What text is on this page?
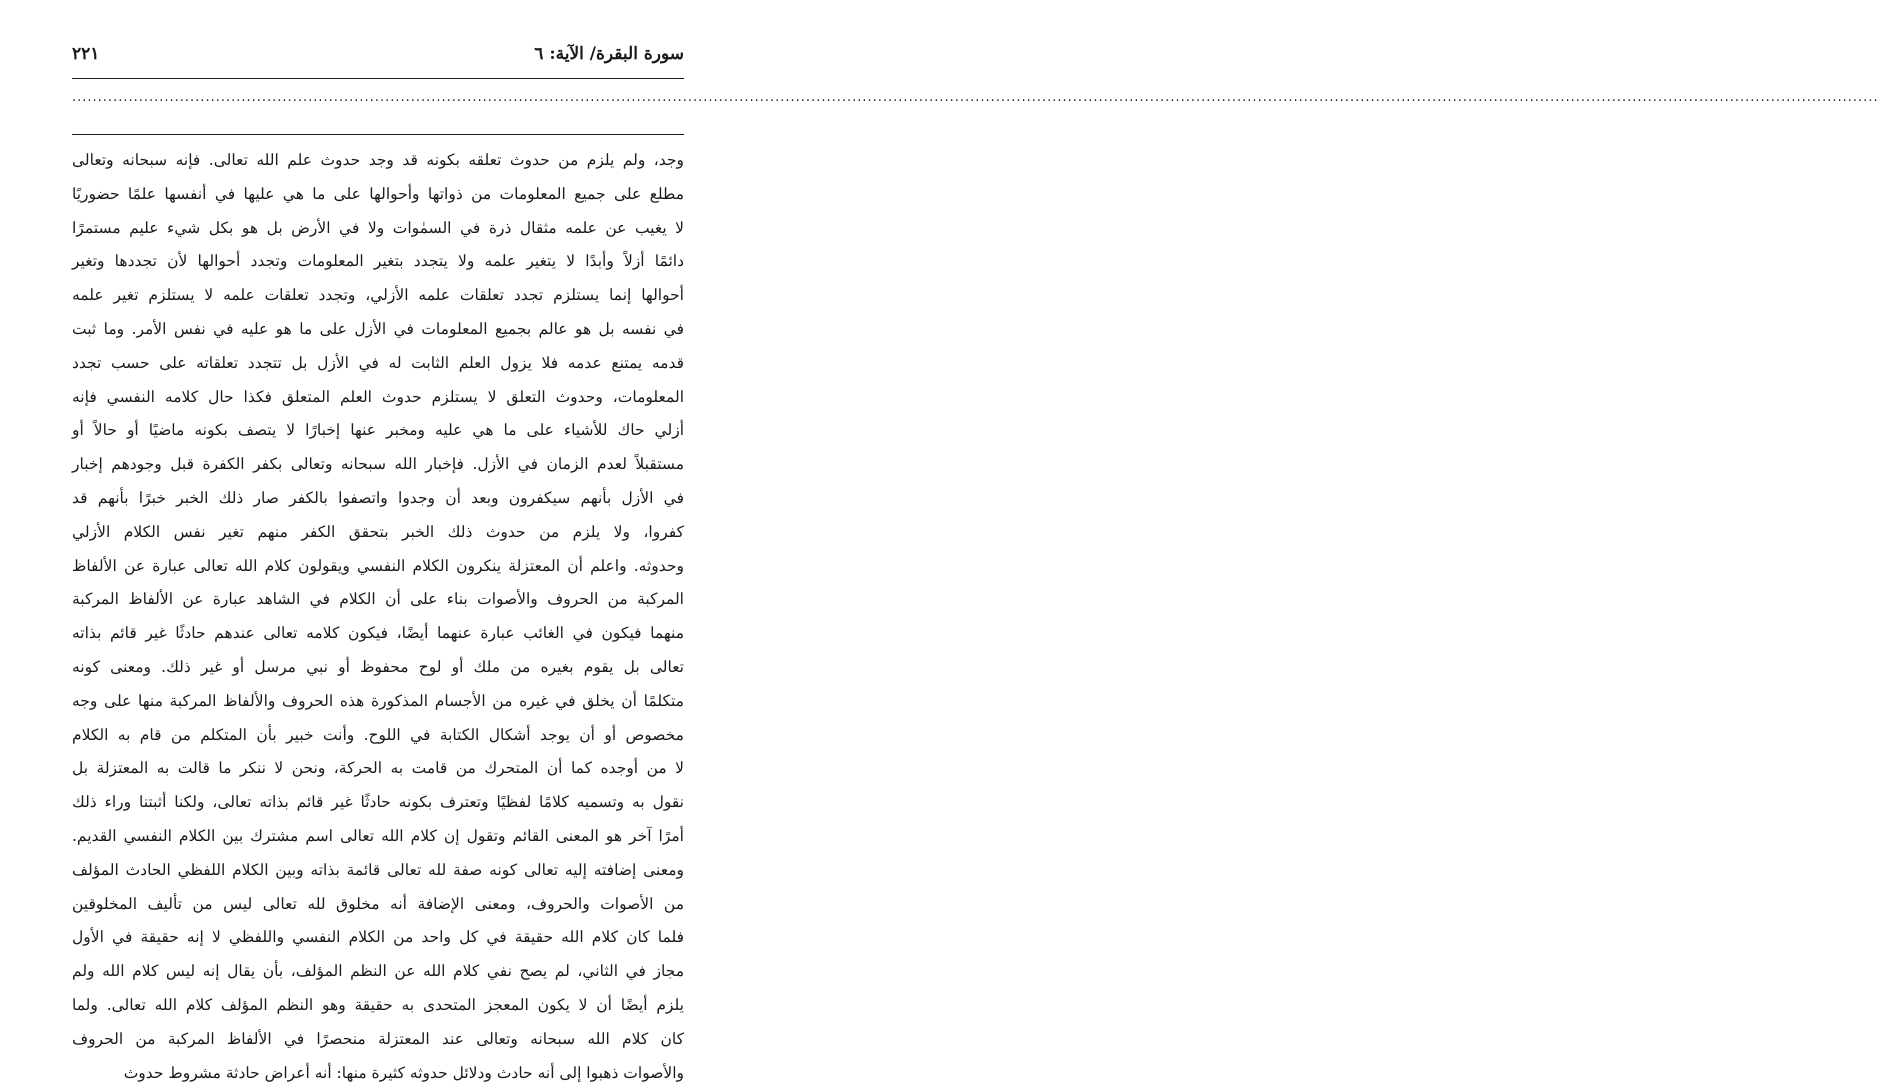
سورة البقرة/ الآية: ٦
٢٢١
................................................................................................................................................................................................................................................................................................................................................................
وجد، ولم يلزم من حدوث تعلقه بكونه قد وجد حدوث علم الله تعالى. فإنه سبحانه وتعالى
مطلع على جميع المعلومات من ذواتها وأحوالها على ما هي عليها في أنفسها علمًا حضوريًا
لا يغيب عن علمه مثقال ذرة في السمٰوات ولا في الأرض بل هو بكل شيء عليم مستمرًا
دائمًا أزلاً وأبدًا لا يتغير علمه ولا يتجدد بتغير المعلومات وتجدد أحوالها لأن تجددها وتغير
أحوالها إنما يستلزم تجدد تعلقات علمه الأزلي، وتجدد تعلقات علمه لا يستلزم تغير علمه
في نفسه بل هو عالم بجميع المعلومات في الأزل على ما هو عليه في نفس الأمر. وما ثبت
قدمه يمتنع عدمه فلا يزول العلم الثابت له في الأزل بل تتجدد تعلقاته على حسب تجدد
المعلومات، وحدوث التعلق لا يستلزم حدوث العلم المتعلق فكذا حال كلامه النفسي فإنه
أزلي حاك للأشياء على ما هي عليه ومخبر عنها إخبارًا لا يتصف بكونه ماضيًا أو حالاً أو
مستقبلاً لعدم الزمان في الأزل. فإخبار الله سبحانه وتعالى بكفر الكفرة قبل وجودهم إخبار
في الأزل بأنهم سيكفرون وبعد أن وجدوا واتصفوا بالكفر صار ذلك الخبر خبرًا بأنهم قد
كفروا، ولا يلزم من حدوث ذلك الخبر بتحقق الكفر منهم تغير نفس الكلام الأزلي
وحدوثه. واعلم أن المعتزلة ينكرون الكلام النفسي ويقولون كلام الله تعالى عبارة عن الألفاظ
المركبة من الحروف والأصوات بناء على أن الكلام في الشاهد عبارة عن الألفاظ المركبة
منهما فيكون في الغائب عبارة عنهما أيضًا، فيكون كلامه تعالى عندهم حادثًا غير قائم بذاته
تعالى بل يقوم بغيره من ملك أو لوح محفوظ أو نبي مرسل أو غير ذلك. ومعنى كونه
متكلمًا أن يخلق في غيره من الأجسام المذكورة هذه الحروف والألفاظ المركبة منها على وجه
مخصوص أو أن يوجد أشكال الكتابة في اللوح. وأنت خبير بأن المتكلم من قام به الكلام
لا من أوجده كما أن المتحرك من قامت به الحركة، ونحن لا ننكر ما قالت به المعتزلة بل
نقول به وتسميه كلامًا لفظيًا وتعترف بكونه حادثًا غير قائم بذاته تعالى، ولكنا أثبتنا وراء ذلك
أمرًا آخر هو المعنى القائم وتقول إن كلام الله تعالى اسم مشترك بين الكلام النفسي القديم.
ومعنى إضافته إليه تعالى كونه صفة لله تعالى قائمة بذاته وبين الكلام اللفظي الحادث المؤلف
من الأصوات والحروف، ومعنى الإضافة أنه مخلوق لله تعالى ليس من تأليف المخلوقين
فلما كان كلام الله حقيقة في كل واحد من الكلام النفسي واللفظي لا إنه حقيقة في الأول
مجاز في الثاني، لم يصح نفي كلام الله عن النظم المؤلف، بأن يقال إنه ليس كلام الله ولم
يلزم أيضًا أن لا يكون المعجز المتحدى به حقيقة وهو النظم المؤلف كلام الله تعالى. ولما
كان كلام الله سبحانه وتعالى عند المعتزلة منحصرًا في الألفاظ المركبة من الحروف
والأصوات ذهبوا إلى أنه حادث ودلائل حدوثه كثيرة منها: أنه أعراض حادثة مشروط حدوث
